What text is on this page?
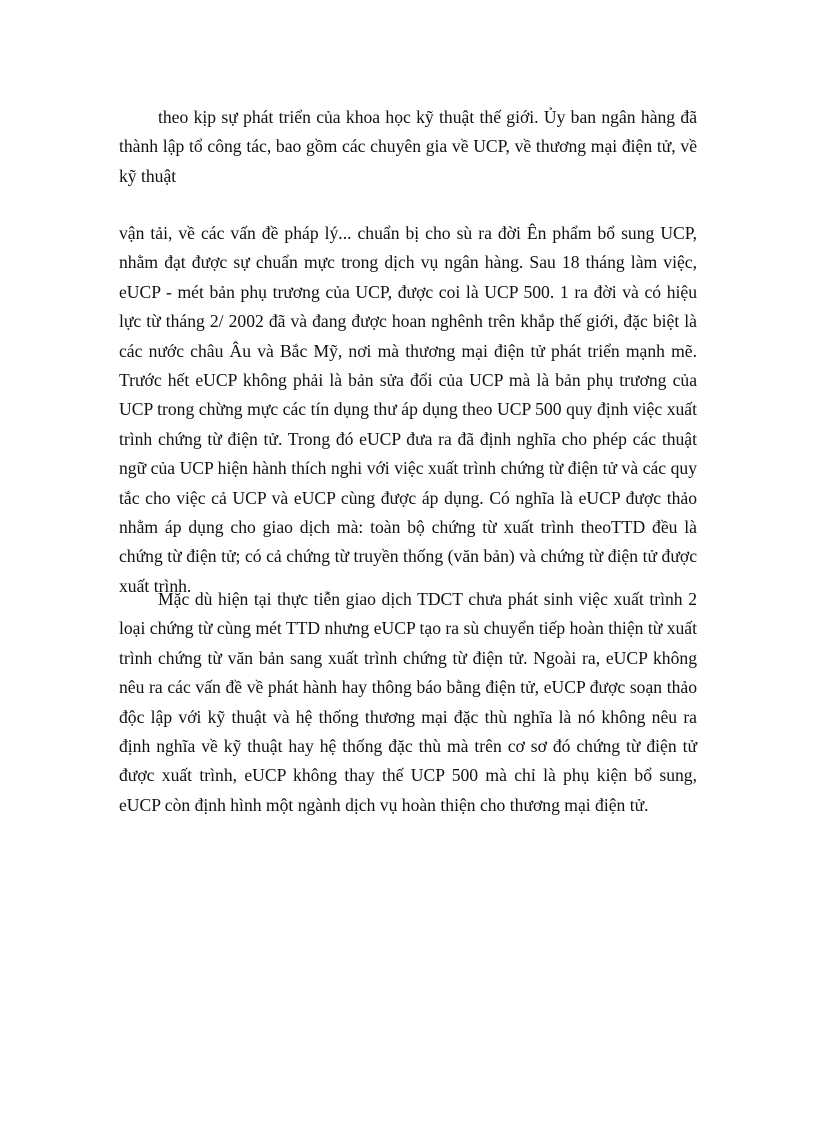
theo kịp sự phát triển của khoa học kỹ thuật thế giới. Ủy ban ngân hàng đã thành lập tổ công tác, bao gồm các chuyên gia về UCP, về thương mại điện tử, về kỹ thuật

vận tải, về các vấn đề pháp lý... chuẩn bị cho sù ra đời Ên phẩm bổ sung UCP, nhằm đạt được sự chuẩn mực trong dịch vụ ngân hàng. Sau 18 tháng làm việc, eUCP - mét bản phụ trương của UCP, được coi là UCP 500. 1 ra đời và có hiệu lực từ tháng 2/ 2002 đã và đang được hoan nghênh trên khắp thế giới, đặc biệt là các nước châu Âu và Bắc Mỹ, nơi mà thương mại điện tử phát triển mạnh mẽ. Trước hết eUCP không phải là bản sửa đổi của UCP mà là bản phụ trương của UCP trong chừng mực các tín dụng thư áp dụng theo UCP 500 quy định việc xuất trình chứng từ điện tử. Trong đó eUCP đưa ra đã định nghĩa cho phép các thuật ngữ của UCP hiện hành thích nghi với việc xuất trình chứng từ điện tử và các quy tắc cho việc cả UCP và eUCP cùng được áp dụng. Có nghĩa là eUCP được thảo nhằm áp dụng cho giao dịch mà: toàn bộ chứng từ xuất trình theoTTD đều là chứng từ điện tử; có cả chứng từ truyền thống (văn bản) và chứng từ điện tử được xuất trình.

Mặc dù hiện tại thực tiễn giao dịch TDCT chưa phát sinh việc xuất trình 2 loại chứng từ cùng mét TTD nhưng eUCP tạo ra sù chuyển tiếp hoàn thiện từ xuất trình chứng từ văn bản sang xuất trình chứng từ điện tử. Ngoài ra, eUCP không nêu ra các vấn đề về phát hành hay thông báo bằng điện tử, eUCP được soạn thảo độc lập với kỹ thuật và hệ thống thương mại đặc thù nghĩa là nó không nêu ra định nghĩa về kỹ thuật hay hệ thống đặc thù mà trên cơ sơ đó chứng từ điện tử được xuất trình, eUCP không thay thế UCP 500 mà chỉ là phụ kiện bổ sung, eUCP còn định hình một ngành dịch vụ hoàn thiện cho thương mại điện tử.
